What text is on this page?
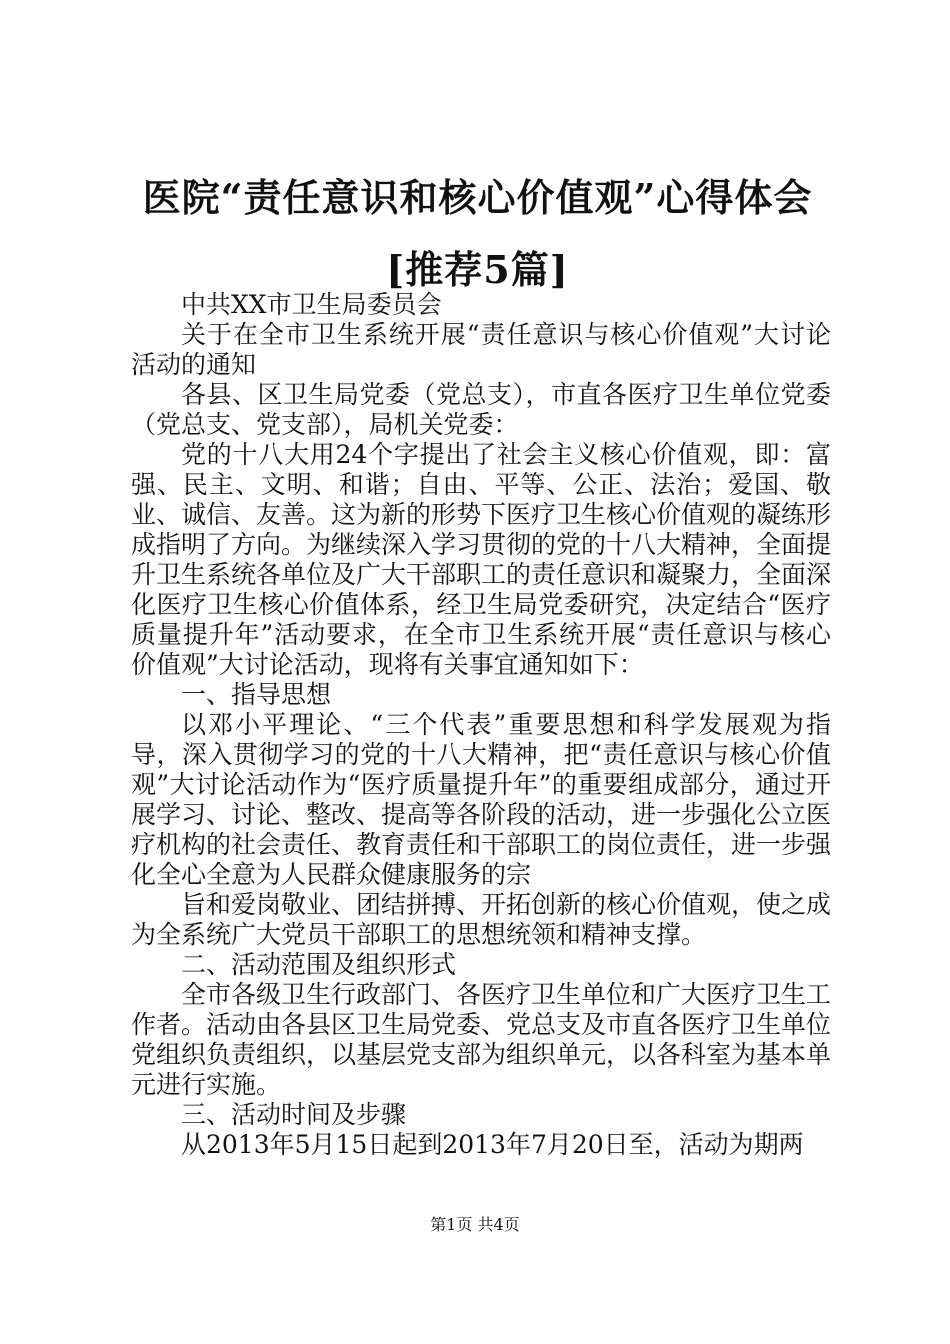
医院“责任意识和核心价值观”心得体会[推荐5篇]

中共XX市卫生局委员会

关于在全市卫生系统开展“责任意识与核心价值观”大讨论活动的通知

各县、区卫生局党委（党总支），市直各医疗卫生单位党委（党总支、党支部），局机关党委：

党的十八大用24个字提出了社会主义核心价值观，即：富强、民主、文明、和谐；自由、平等、公正、法治；爱国、敬业、诚信、友善。这为新的形势下医疗卫生核心价值观的凝练形成指明了方向。为继续深入学习贯彻的党的十八大精神，全面提升卫生系统各单位及广大干部职工的责任意识和凝聚力，全面深化医疗卫生核心价值体系，经卫生局党委研究，决定结合“医疗质量提升年”活动要求，在全市卫生系统开展“责任意识与核心价值观”大讨论活动，现将有关事宜通知如下：

一、指导思想

以邓小平理论、“三个代表”重要思想和科学发展观为指导，深入贯彻学习的党的十八大精神，把“责任意识与核心价值观”大讨论活动作为“医疗质量提升年”的重要组成部分，通过开展学习、讨论、整改、提高等各阶段的活动，进一步强化公立医疗机构的社会责任、教育责任和干部职工的岗位责任，进一步强化全心全意为人民群众健康服务的宗

旨和爱岗敬业、团结拼搏、开拓创新的核心价值观，使之成为全系统广大党员干部职工的思想统领和精神支撑。

二、活动范围及组织形式

全市各级卫生行政部门、各医疗卫生单位和广大医疗卫生工作者。活动由各县区卫生局党委、党总支及市直各医疗卫生单位党组织负责组织，以基层党支部为组织单元，以各科室为基本单元进行实施。

三、活动时间及步骤

从2013年5月15日起到2013年7月20日至，活动为期两

第1页 共4页
